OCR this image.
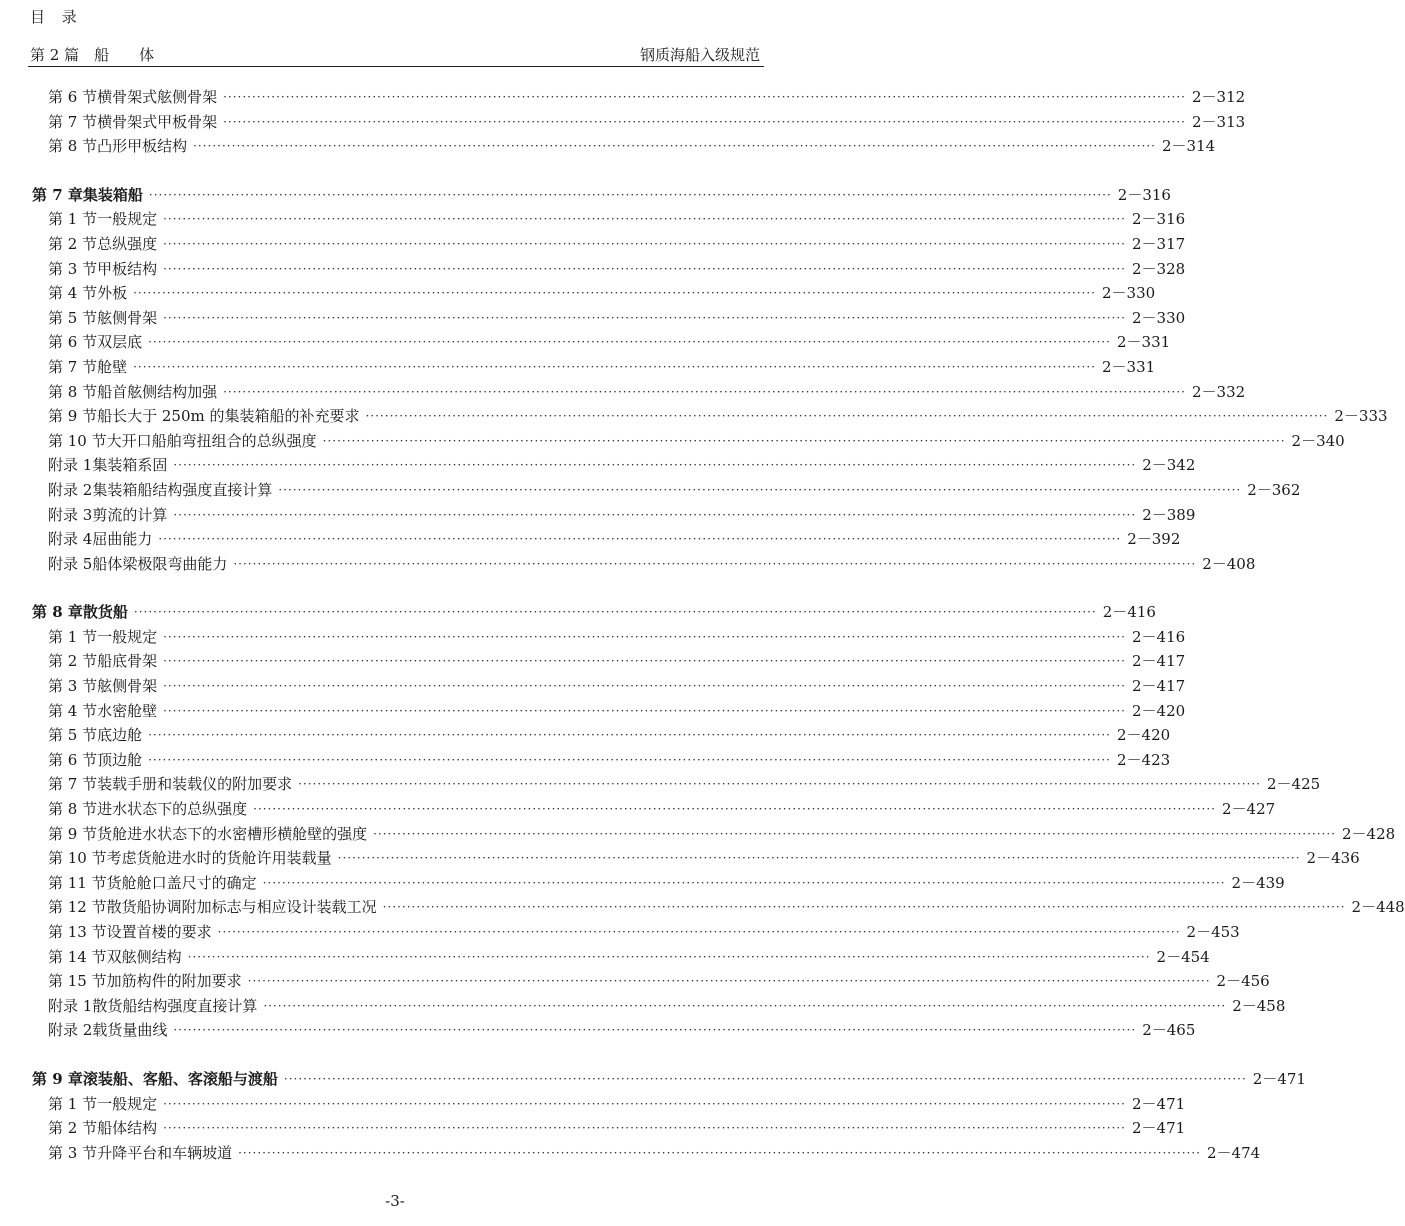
目 录
第 2 篇　船　　体	钢质海船入级规范
第 6 节 横骨架式舷侧骨架 ········································································································································································································ 2－312
第 7 节 横骨架式甲板骨架 ········································································································································································································ 2－313
第 8 节 凸形甲板结构 ········································································································································································································ 2－314
第 7 章 集装箱船 ········································································································································································································ 2－316
第 1 节 一般规定 ········································································································································································································ 2－316
第 2 节 总纵强度 ········································································································································································································ 2－317
第 3 节 甲板结构 ········································································································································································································ 2－328
第 4 节 外板 ········································································································································································································ 2－330
第 5 节 舷侧骨架 ········································································································································································································ 2－330
第 6 节 双层底 ········································································································································································································ 2－331
第 7 节 舱壁 ········································································································································································································ 2－331
第 8 节 船首舷侧结构加强 ········································································································································································································ 2－332
第 9 节 船长大于 250m 的集装箱船的补充要求 ········································································································································································································ 2－333
第 10 节 大开口船舶弯扭组合的总纵强度 ········································································································································································································ 2－340
附录 1 集装箱系固 ········································································································································································································ 2－342
附录 2 集装箱船结构强度直接计算 ········································································································································································································ 2－362
附录 3 剪流的计算 ········································································································································································································ 2－389
附录 4 屈曲能力 ········································································································································································································ 2－392
附录 5 船体梁极限弯曲能力 ········································································································································································································ 2－408
第 8 章 散货船 ········································································································································································································ 2－416
第 1 节 一般规定 ········································································································································································································ 2－416
第 2 节 船底骨架 ········································································································································································································ 2－417
第 3 节 舷侧骨架 ········································································································································································································ 2－417
第 4 节 水密舱壁 ········································································································································································································ 2－420
第 5 节 底边舱 ········································································································································································································ 2－420
第 6 节 顶边舱 ········································································································································································································ 2－423
第 7 节 装载手册和装载仪的附加要求 ········································································································································································································ 2－425
第 8 节 进水状态下的总纵强度 ········································································································································································································ 2－427
第 9 节 货舱进水状态下的水密槽形横舱壁的强度 ········································································································································································································ 2－428
第 10 节 考虑货舱进水时的货舱许用装载量 ········································································································································································································ 2－436
第 11 节 货舱舱口盖尺寸的确定 ········································································································································································································ 2－439
第 12 节 散货船协调附加标志与相应设计装载工况 ········································································································································································································ 2－448
第 13 节 设置首楼的要求 ········································································································································································································ 2－453
第 14 节 双舷侧结构 ········································································································································································································ 2－454
第 15 节 加筋构件的附加要求 ········································································································································································································ 2－456
附录 1 散货船结构强度直接计算 ········································································································································································································ 2－458
附录 2 载货量曲线 ········································································································································································································ 2－465
第 9 章 滚装船、客船、客滚船与渡船 ········································································································································································································ 2－471
第 1 节 一般规定 ········································································································································································································ 2－471
第 2 节 船体结构 ········································································································································································································ 2－471
第 3 节 升降平台和车辆坡道 ········································································································································································································ 2－474
-3-
